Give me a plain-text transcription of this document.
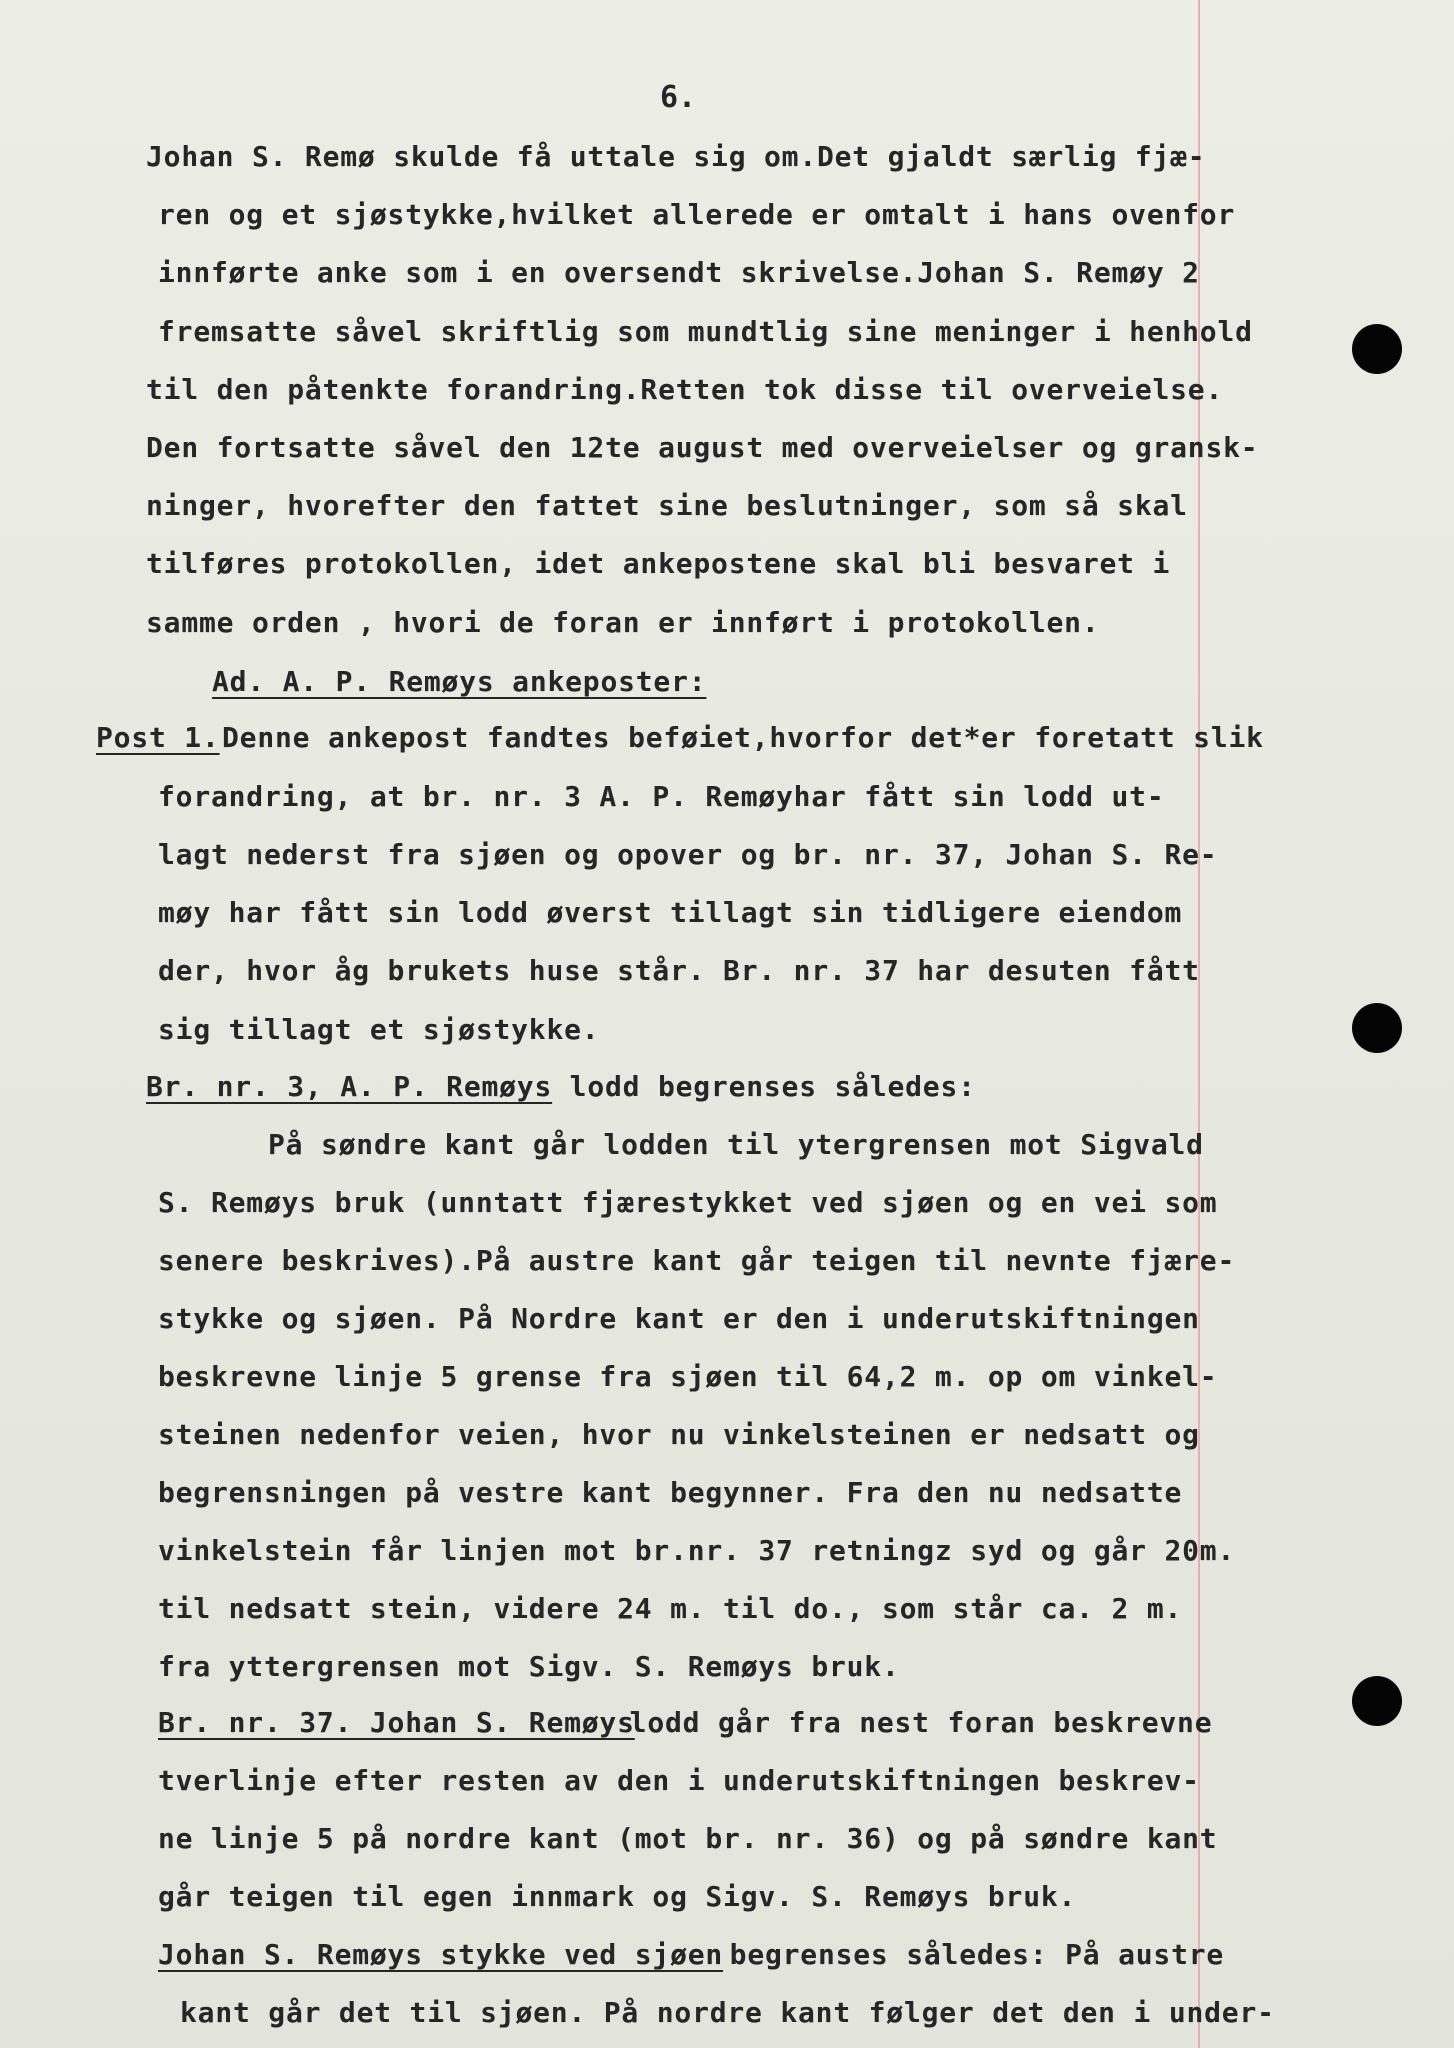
6.
Johan S. Remø skulde få uttale sig om.Det gjaldt særlig fjæ-
ren og et sjøstykke,hvilket allerede er omtalt i hans ovenfor
innførte anke som i en oversendt skrivelse.Johan S. Remøy 2
fremsatte såvel skriftlig som mundtlig sine meninger i henhold
til den påtenkte forandring.Retten tok disse til overveielse.
Den fortsatte såvel den 12te august med overveielser og gransk-
ninger, hvorefter den fattet sine beslutninger, som så skal
tilføres protokollen, idet ankepostene skal bli besvaret i
samme orden , hvori de foran er innført i protokollen.
Ad. A. P. Remøys ankeposter:
Post 1. Denne ankepost fandtes beføiet,hvorfor det*er foretatt slik
forandring, at br. nr. 3 A. P. Remøyhar fått sin lodd ut-
lagt nederst fra sjøen og opover og br. nr. 37, Johan S. Re-
møy har fått sin lodd øverst tillagt sin tidligere eiendom
der, hvor åg brukets huse står. Br. nr. 37 har desuten fått
sig tillagt et sjøstykke.
Br. nr. 3, A. P. Remøys lodd begrenses således:
På søndre kant går lodden til ytergrensen mot Sigvald
S. Remøys bruk (unntatt fjærestykket ved sjøen og en vei som
senere beskrives).På austre kant går teigen til nevnte fjære-
stykke og sjøen. På Nordre kant er den i underutskiftningen
beskrevne linje 5 grense fra sjøen til 64,2 m. op om vinkel-
steinen nedenfor veien, hvor nu vinkelsteinen er nedsatt og
begrensningen på vestre kant begynner. Fra den nu nedsatte
vinkelstein får linjen mot br.nr. 37 retningz syd og går 20m.
til nedsatt stein, videre 24 m. til do., som står ca. 2 m.
fra yttergrensen mot Sigv. S. Remøys bruk.
Br. nr. 37. Johan S. Remøys
lodd går fra nest foran beskrevne
tverlinje efter resten av den i underutskiftningen beskrev-
ne linje 5 på nordre kant (mot br. nr. 36) og på søndre kant
går teigen til egen innmark og Sigv. S. Remøys bruk.
Johan S. Remøys stykke ved sjøen
begrenses således: På austre
kant går det til sjøen. På nordre kant følger det den i under-
